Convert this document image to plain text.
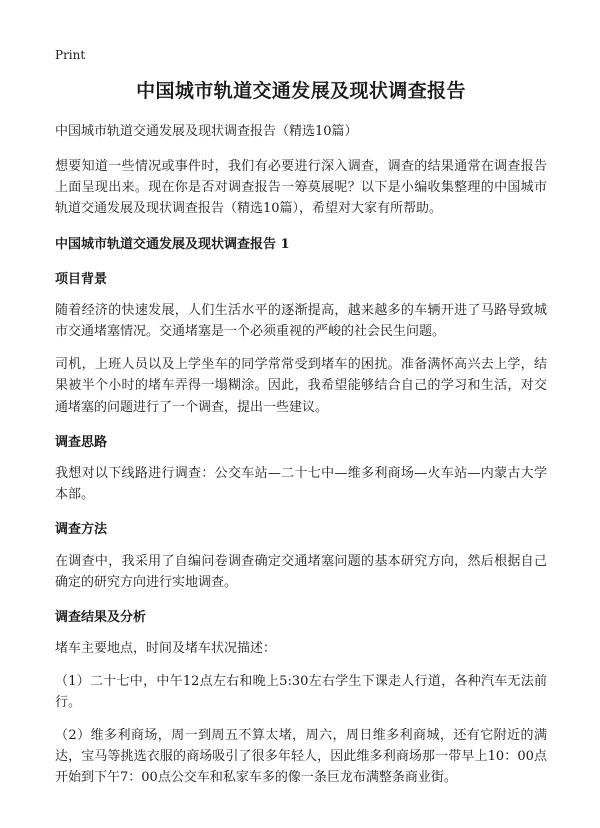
Print
中国城市轨道交通发展及现状调查报告
中国城市轨道交通发展及现状调查报告（精选10篇）

想要知道一些情况或事件时，我们有必要进行深入调查，调查的结果通常在调查报告上面呈现出来。现在你是否对调查报告一筹莫展呢？以下是小编收集整理的中国城市轨道交通发展及现状调查报告（精选10篇），希望对大家有所帮助。

中国城市轨道交通发展及现状调查报告 1
项目背景

随着经济的快速发展，人们生活水平的逐渐提高，越来越多的车辆开进了马路导致城市交通堵塞情况。交通堵塞是一个必须重视的严峻的社会民生问题。

司机，上班人员以及上学坐车的同学常常受到堵车的困扰。准备满怀高兴去上学，结果被半个小时的堵车弄得一塌糊涂。因此，我希望能够结合自己的学习和生活，对交通堵塞的问题进行了一个调查，提出一些建议。

调查思路

我想对以下线路进行调查：公交车站—二十七中—维多利商场—火车站—内蒙古大学本部。

调查方法

在调查中，我采用了自编问卷调查确定交通堵塞问题的基本研究方向，然后根据自己确定的研究方向进行实地调查。

调查结果及分析

堵车主要地点，时间及堵车状况描述：

（1）二十七中，中午12点左右和晚上5:30左右学生下课走人行道，各种汽车无法前行。

（2）维多利商场，周一到周五不算太堵，周六，周日维多利商城，还有它附近的满达，宝马等挑选衣服的商场吸引了很多年轻人，因此维多利商场那一带早上10：00点开始到下午7：00点公交车和私家车多的像一条巨龙布满整条商业街。
